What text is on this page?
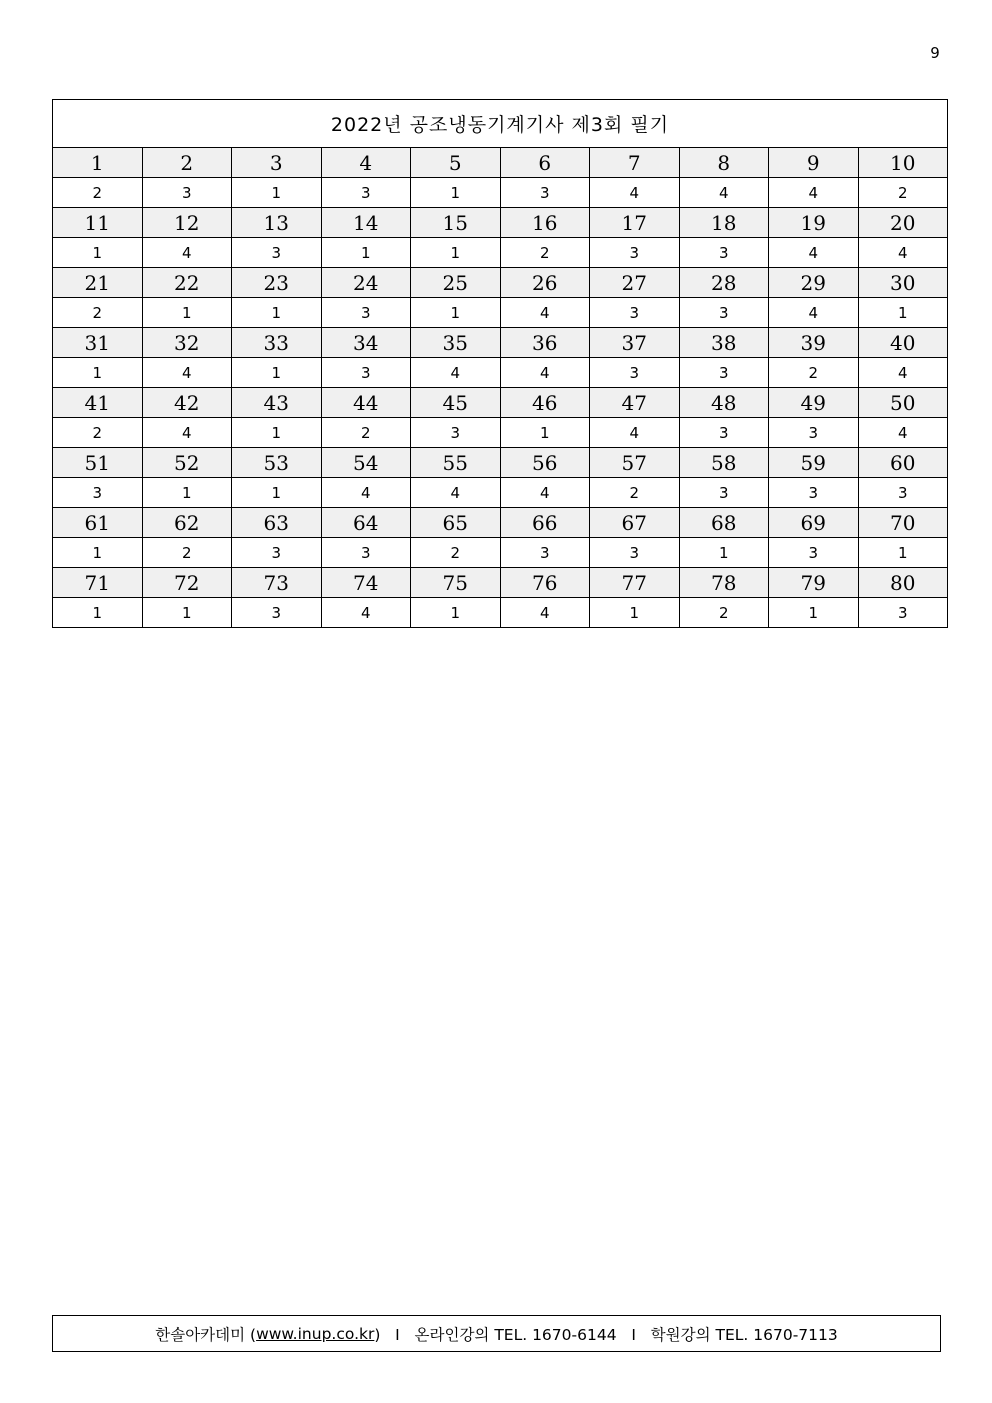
9
2022년 공조냉동기계기사 제3회 필기									
1	2	3	4	5	6	7	8	9	10
2	3	1	3	1	3	4	4	4	2
11	12	13	14	15	16	17	18	19	20
1	4	3	1	1	2	3	3	4	4
21	22	23	24	25	26	27	28	29	30
2	1	1	3	1	4	3	3	4	1
31	32	33	34	35	36	37	38	39	40
1	4	1	3	4	4	3	3	2	4
41	42	43	44	45	46	47	48	49	50
2	4	1	2	3	1	4	3	3	4
51	52	53	54	55	56	57	58	59	60
3	1	1	4	4	4	2	3	3	3
61	62	63	64	65	66	67	68	69	70
1	2	3	3	2	3	3	1	3	1
71	72	73	74	75	76	77	78	79	80
1	1	3	4	1	4	1	2	1	3
한솔아카데미 ( www.inup.co.kr )   I   온라인강의 TEL. 1670-6144   I   학원강의 TEL. 1670-7113
